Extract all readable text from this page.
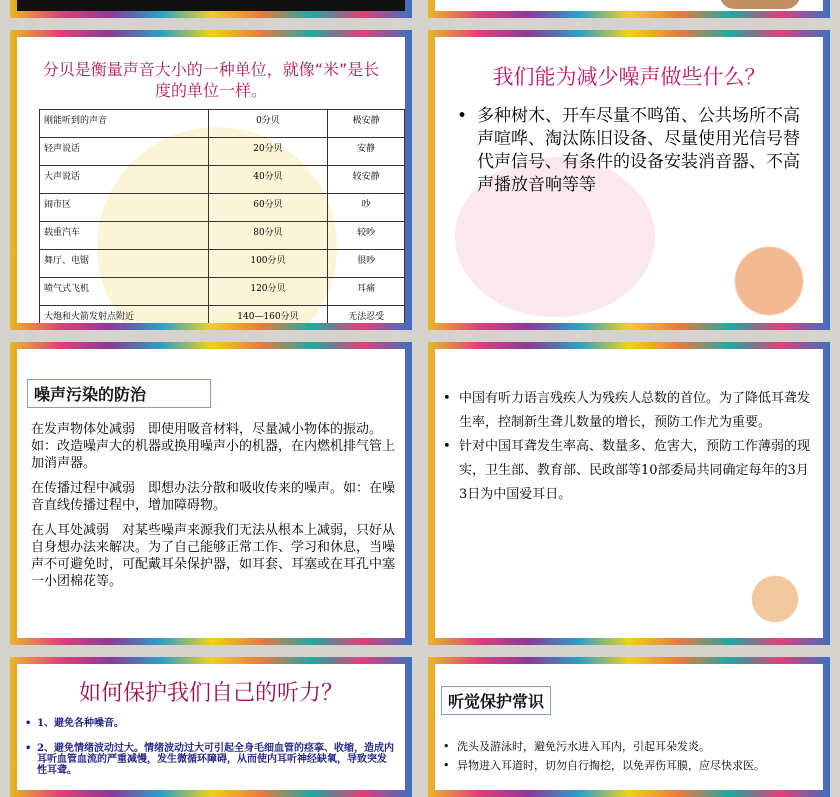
分贝是衡量声音大小的一种单位，就像“米”是长度的单位一样。
刚能听到的声音	0分贝	极安静
轻声说话	20分贝	安静
大声说话	40分贝	较安静
闹市区	60分贝	吵
载重汽车	80分贝	较吵
舞厅、电锯	100分贝	很吵
喷气式飞机	120分贝	耳痛
大炮和火箭发射点附近	140—160分贝	无法忍受
我们能为减少噪声做些什么？
• 多种树木、开车尽量不鸣笛、公共场所不高声喧哗、淘汰陈旧设备、尽量使用光信号替代声信号、有条件的设备安装消音器、不高声播放音响等等
噪声污染的防治

在发声物体处减弱　即使用吸音材料，尽量减小物体的振动。如：改造噪声大的机器或换用噪声小的机器，在内燃机排气管上加消声器。

在传播过程中减弱　即想办法分散和吸收传来的噪声。如：在噪音直线传播过程中，增加障碍物。

在人耳处减弱　对某些噪声来源我们无法从根本上减弱，只好从自身想办法来解决。为了自己能够正常工作、学习和休息，当噪声不可避免时，可配戴耳朵保护器，如耳套、耳塞或在耳孔中塞一小团棉花等。

• 中国有听力语言残疾人为残疾人总数的首位。为了降低耳聋发生率，控制新生聋儿数量的增长，预防工作尤为重要。
• 针对中国耳聋发生率高、数量多、危害大，预防工作薄弱的现实，卫生部、教育部、民政部等10部委局共同确定每年的3月3日为中国爱耳日。
如何保护我们自己的听力？
• 1、避免各种噪音。
• 2、避免情绪波动过大。情绪波动过大可引起全身毛细血管的痉挛、收缩，造成内耳听血管血流的严重减慢，发生微循环障碍，从而使内耳听神经缺氧，导致突发性耳聋。
听觉保护常识
• 洗头及游泳时，避免污水进入耳内，引起耳朵发炎。
• 异物进入耳道时，切勿自行掏挖，以免弄伤耳膜，应尽快求医。
